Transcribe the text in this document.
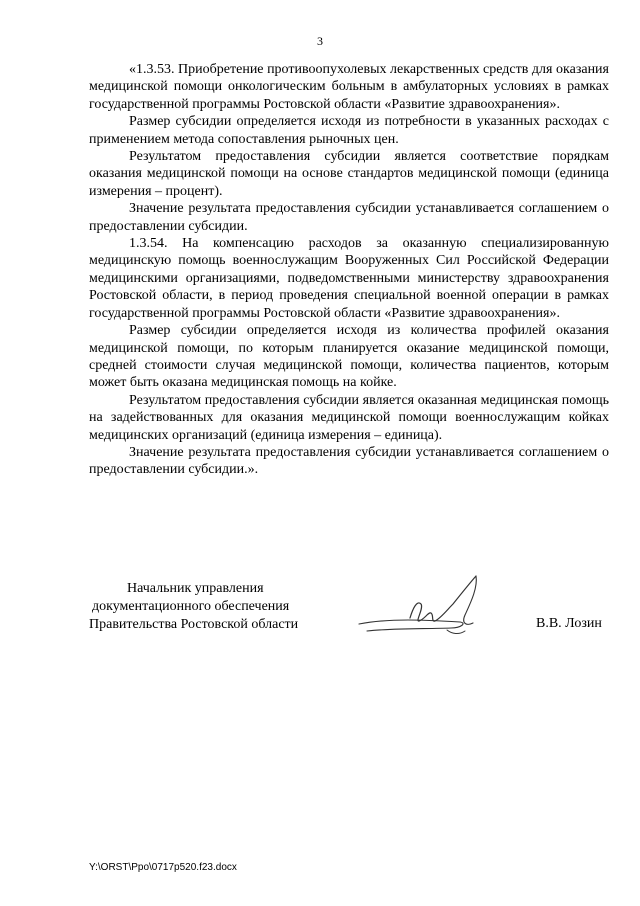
3

«1.3.53. Приобретение противоопухолевых лекарственных средств для оказания медицинской помощи онкологическим больным в амбулаторных условиях в рамках государственной программы Ростовской области «Развитие здравоохранения».

Размер субсидии определяется исходя из потребности в указанных расходах с применением метода сопоставления рыночных цен.

Результатом предоставления субсидии является соответствие порядкам оказания медицинской помощи на основе стандартов медицинской помощи (единица измерения – процент).

Значение результата предоставления субсидии устанавливается соглашением о предоставлении субсидии.

1.3.54. На компенсацию расходов за оказанную специализированную медицинскую помощь военнослужащим Вооруженных Сил Российской Федерации медицинскими организациями, подведомственными министерству здравоохранения Ростовской области, в период проведения специальной военной операции в рамках государственной программы Ростовской области «Развитие здравоохранения».

Размер субсидии определяется исходя из количества профилей оказания медицинской помощи, по которым планируется оказание медицинской помощи, средней стоимости случая медицинской помощи, количества пациентов, которым может быть оказана медицинская помощь на койке.

Результатом предоставления субсидии является оказанная медицинская помощь на задействованных для оказания медицинской помощи военнослужащим койках медицинских организаций (единица измерения – единица).

Значение результата предоставления субсидии устанавливается соглашением о предоставлении субсидии.».

Начальник управления
документационного обеспечения
Правительства Ростовской области	В.В. Лозин
Y:\ORST\Ppo\0717p520.f23.docx
